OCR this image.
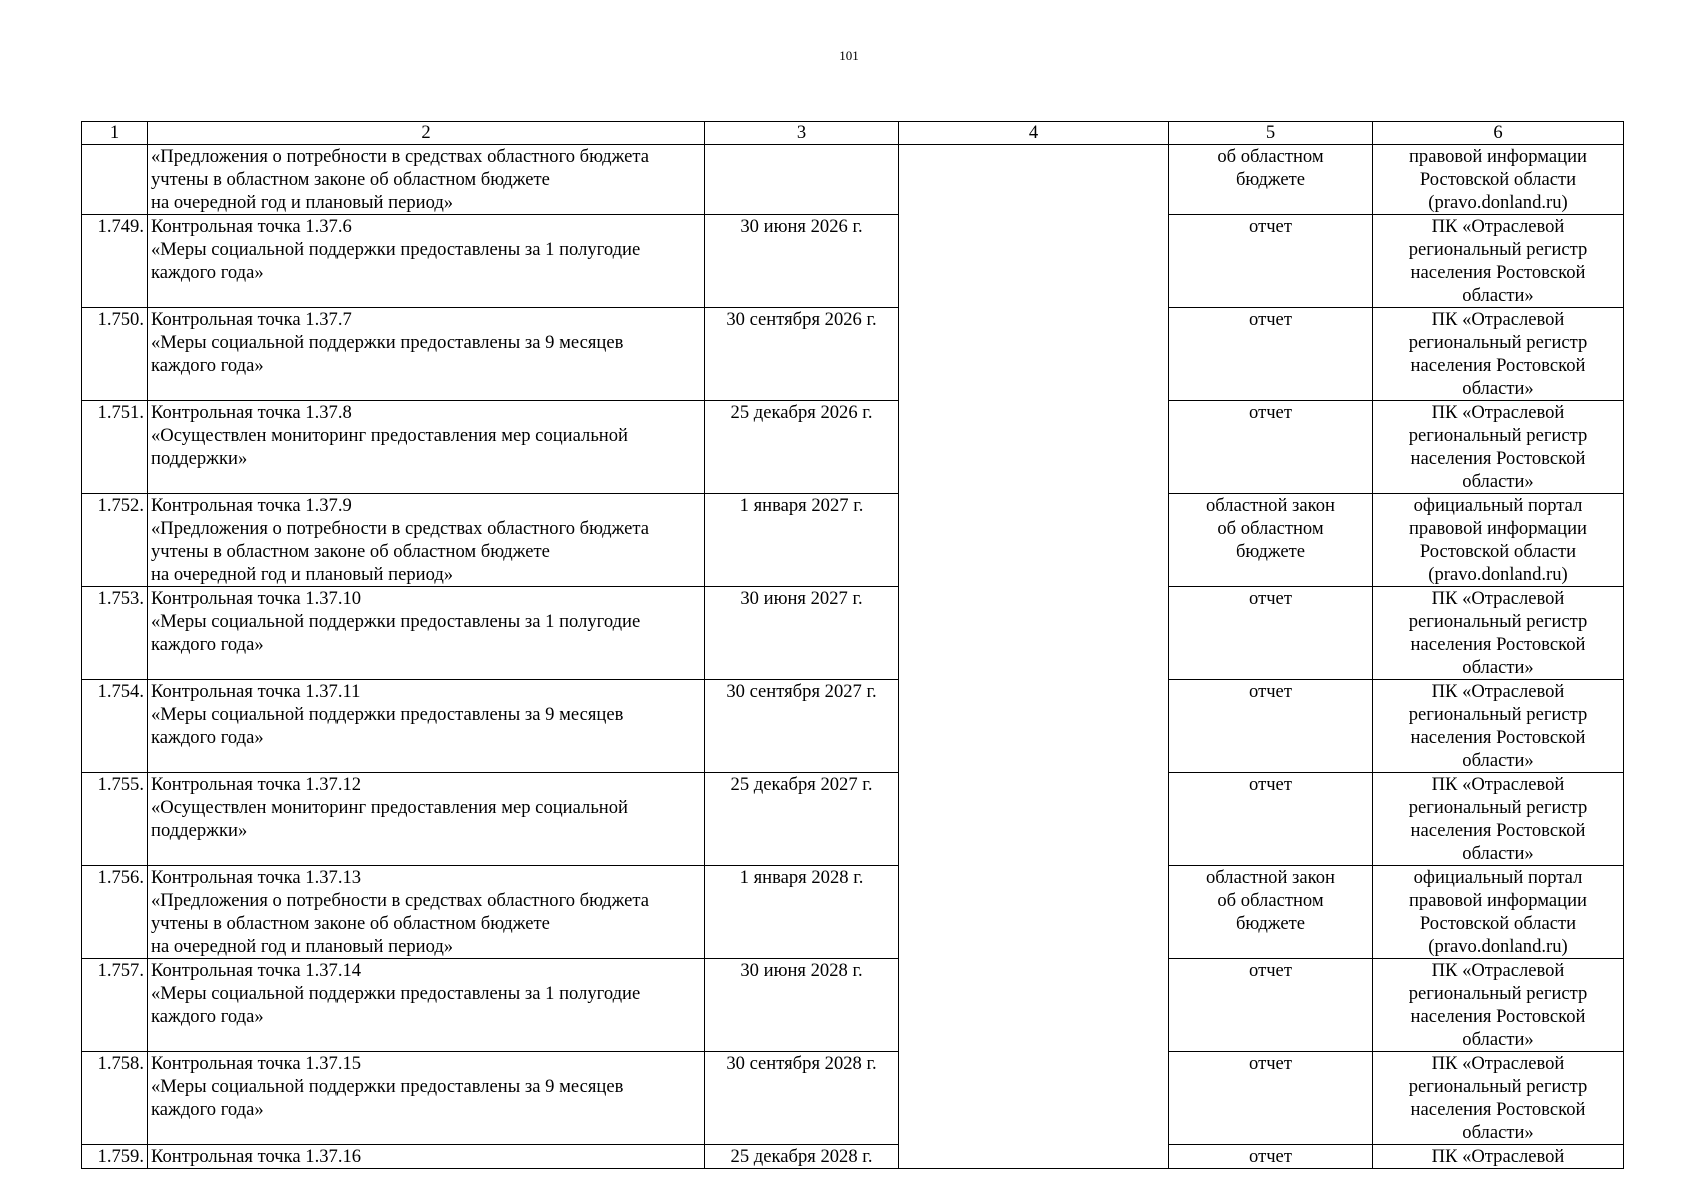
101
1	2	3	4	5	6
	«Предложения о потребности в средствах областного бюджета
учтены в областном законе об областном бюджете
на очередной год и плановый период»			об областном
бюджете	правовой информации
Ростовской области
(pravo.donland.ru)
1.749.	Контрольная точка 1.37.6
«Меры социальной поддержки предоставлены за 1 полугодие
каждого года»	30 июня 2026 г.		отчет	ПК «Отраслевой
региональный регистр
населения Ростовской
области»
1.750.	Контрольная точка 1.37.7
«Меры социальной поддержки предоставлены за 9 месяцев
каждого года»	30 сентября 2026 г.		отчет	ПК «Отраслевой
региональный регистр
населения Ростовской
области»
1.751.	Контрольная точка 1.37.8
«Осуществлен мониторинг предоставления мер социальной
поддержки»	25 декабря 2026 г.		отчет	ПК «Отраслевой
региональный регистр
населения Ростовской
области»
1.752.	Контрольная точка 1.37.9
«Предложения о потребности в средствах областного бюджета
учтены в областном законе об областном бюджете
на очередной год и плановый период»	1 января 2027 г.		областной закон
об областном
бюджете	официальный портал
правовой информации
Ростовской области
(pravo.donland.ru)
1.753.	Контрольная точка 1.37.10
«Меры социальной поддержки предоставлены за 1 полугодие
каждого года»	30 июня 2027 г.		отчет	ПК «Отраслевой
региональный регистр
населения Ростовской
области»
1.754.	Контрольная точка 1.37.11
«Меры социальной поддержки предоставлены за 9 месяцев
каждого года»	30 сентября 2027 г.		отчет	ПК «Отраслевой
региональный регистр
населения Ростовской
области»
1.755.	Контрольная точка 1.37.12
«Осуществлен мониторинг предоставления мер социальной
поддержки»	25 декабря 2027 г.		отчет	ПК «Отраслевой
региональный регистр
населения Ростовской
области»
1.756.	Контрольная точка 1.37.13
«Предложения о потребности в средствах областного бюджета
учтены в областном законе об областном бюджете
на очередной год и плановый период»	1 января 2028 г.		областной закон
об областном
бюджете	официальный портал
правовой информации
Ростовской области
(pravo.donland.ru)
1.757.	Контрольная точка 1.37.14
«Меры социальной поддержки предоставлены за 1 полугодие
каждого года»	30 июня 2028 г.		отчет	ПК «Отраслевой
региональный регистр
населения Ростовской
области»
1.758.	Контрольная точка 1.37.15
«Меры социальной поддержки предоставлены за 9 месяцев
каждого года»	30 сентября 2028 г.		отчет	ПК «Отраслевой
региональный регистр
населения Ростовской
области»
1.759.	Контрольная точка 1.37.16	25 декабря 2028 г.		отчет	ПК «Отраслевой
